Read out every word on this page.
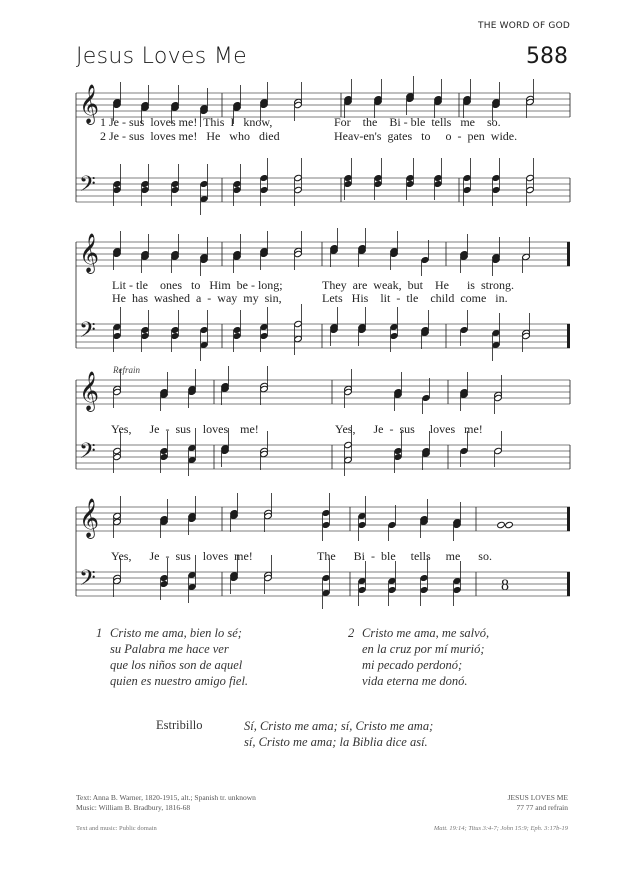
THE WORD OF GOD
Jesus Loves Me	588
𝄞
𝄢
1 Je - sus  loves me!  This  I   know,
2 Je - sus  loves me!   He   who   died
For    the    Bi - ble  tells   me    so.
Heav-en's  gates   to     o  -  pen  wide.
𝄞
𝄢
Lit - tle    ones   to   Him  be - long;
He  has  washed  a  -  way  my  sin,
They  are  weak,  but    He      is  strong.
Lets   His    lit  -  tle    child  come   in.
𝄞
𝄢
Refrain
Yes,      Je  -  sus    loves    me!	Yes,      Je  -  sus     loves   me!
𝄞
𝄢	8
Yes,      Je  -  sus    loves  me!	The      Bi  -  ble     tells     me      so.
1 Cristo me ama, bien lo sé;
su Palabra me hace ver
que los niños son de aquel
quien es nuestro amigo fiel.
2 Cristo me ama, me salvó,
en la cruz por mí murió;
mi pecado perdonó;
vida eterna me donó.
Estribillo	Sí, Cristo me ama; sí, Cristo me ama;
sí, Cristo me ama; la Biblia dice así.
Text: Anna B. Warner, 1820-1915, alt.; Spanish tr. unknown
Music: William B. Bradbury, 1816-68
JESUS LOVES ME
77 77 and refrain
Text and music: Public domain	Matt. 19:14; Titus 3:4-7; John 15:9; Eph. 3:17b-19
